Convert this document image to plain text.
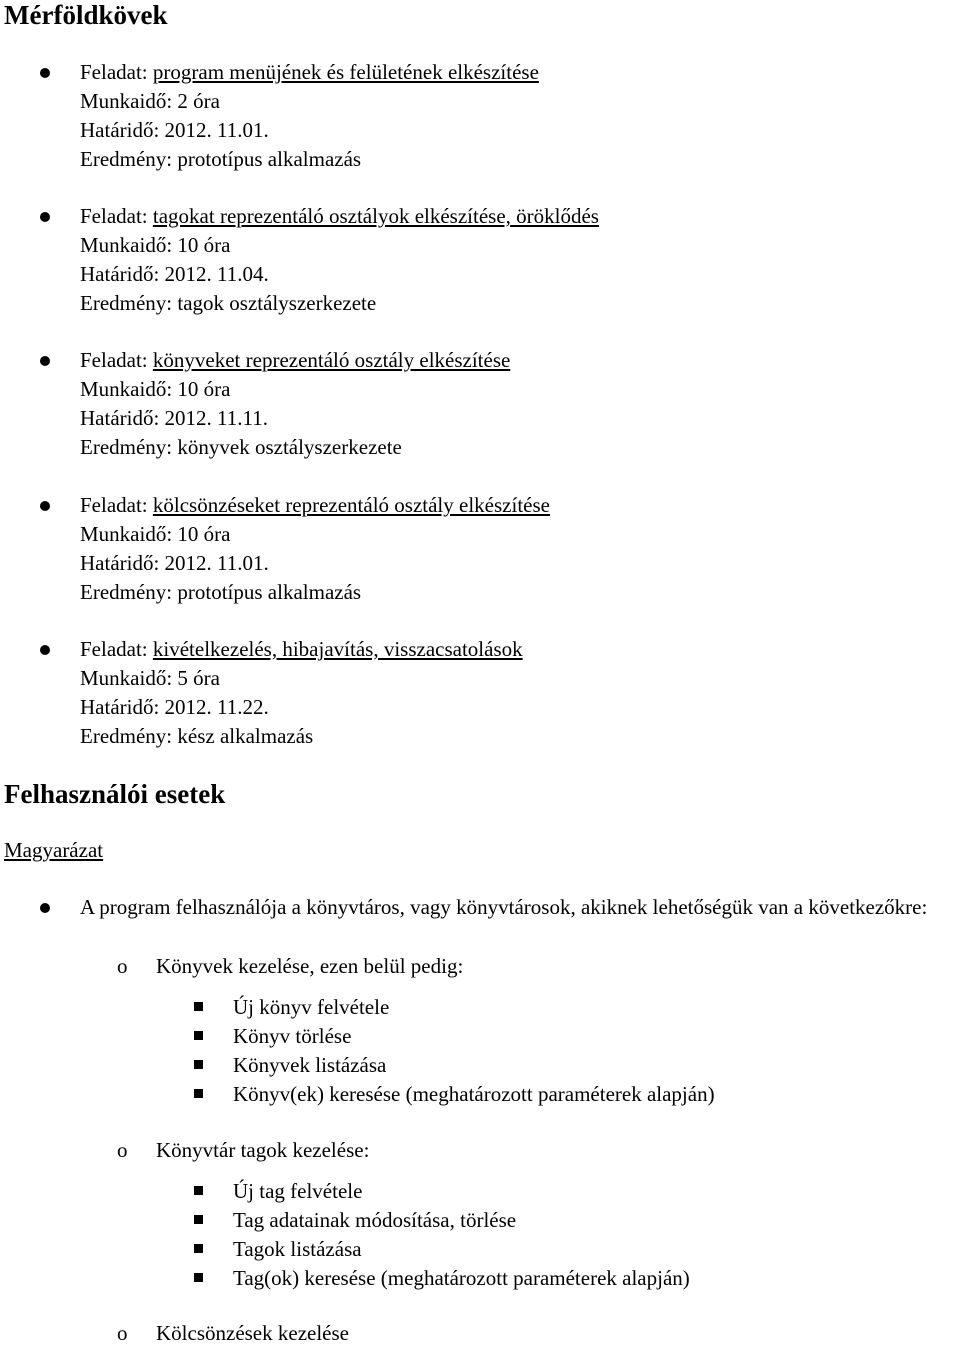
Mérföldkövek
Feladat: program menüjének és felületének elkészítése
Munkaidő: 2 óra
Határidő: 2012. 11.01.
Eredmény: prototípus alkalmazás
Feladat: tagokat reprezentáló osztályok elkészítése, öröklődés
Munkaidő: 10 óra
Határidő: 2012. 11.04.
Eredmény: tagok osztályszerkezete
Feladat: könyveket reprezentáló osztály elkészítése
Munkaidő: 10 óra
Határidő: 2012. 11.11.
Eredmény: könyvek osztályszerkezete
Feladat: kölcsönzéseket reprezentáló osztály elkészítése
Munkaidő: 10 óra
Határidő: 2012. 11.01.
Eredmény: prototípus alkalmazás
Feladat: kivételkezelés, hibajavítás, visszacsatolások
Munkaidő: 5 óra
Határidő: 2012. 11.22.
Eredmény: kész alkalmazás
Felhasználói esetek
Magyarázat
A program felhasználója a könyvtáros, vagy könyvtárosok, akiknek lehetőségük van a következőkre:
o Könyvek kezelése, ezen belül pedig:
Új könyv felvétele
Könyv törlése
Könyvek listázása
Könyv(ek) keresése (meghatározott paraméterek alapján)
o Könyvtár tagok kezelése:
Új tag felvétele
Tag adatainak módosítása, törlése
Tagok listázása
Tag(ok) keresése (meghatározott paraméterek alapján)
o Kölcsönzések kezelése
